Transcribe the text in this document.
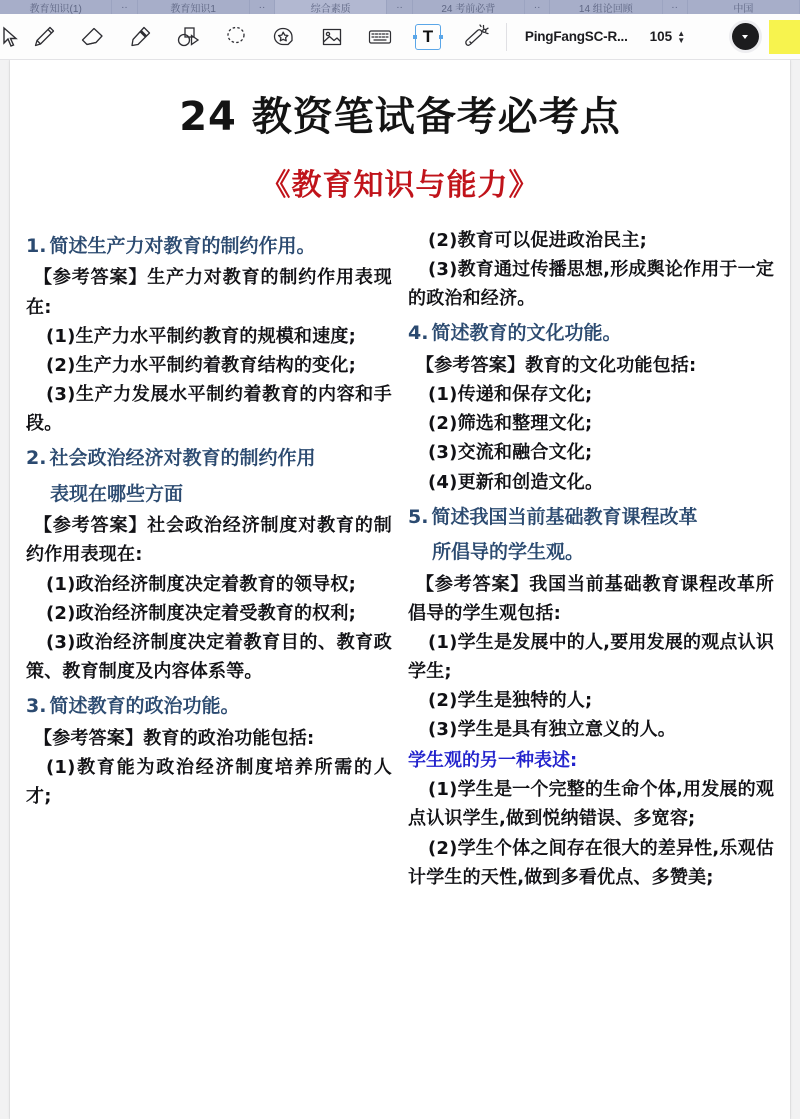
教育知识(1)	··	教育知识1	··	综合素质	··	24 考前必背	··	14 组论回顾	··	中国
T	PingFangSC-R... 105 ▲
▼
24 教资笔试备考必考点
《教育知识与能力》
1. 简述生产力对教育的制约作用。
【参考答案】生产力对教育的制约作用表现在:
(1)生产力水平制约教育的规模和速度;
(2)生产力水平制约着教育结构的变化;
(3)生产力发展水平制约着教育的内容和手段。
2. 社会政治经济对教育的制约作用
表现在哪些方面
【参考答案】社会政治经济制度对教育的制约作用表现在:
(1)政治经济制度决定着教育的领导权;
(2)政治经济制度决定着受教育的权利;
(3)政治经济制度决定着教育目的、教育政策、教育制度及内容体系等。
3. 简述教育的政治功能。
【参考答案】教育的政治功能包括:
(1)教育能为政治经济制度培养所需的人才;
(2)教育可以促进政治民主;
(3)教育通过传播思想,形成舆论作用于一定的政治和经济。
4. 简述教育的文化功能。
【参考答案】教育的文化功能包括:
(1)传递和保存文化;
(2)筛选和整理文化;
(3)交流和融合文化;
(4)更新和创造文化。
5. 简述我国当前基础教育课程改革
所倡导的学生观。
【参考答案】我国当前基础教育课程改革所倡导的学生观包括:
(1)学生是发展中的人,要用发展的观点认识学生;
(2)学生是独特的人;
(3)学生是具有独立意义的人。
学生观的另一种表述:
(1)学生是一个完整的生命个体,用发展的观点认识学生,做到悦纳错误、多宽容;
(2)学生个体之间存在很大的差异性,乐观估计学生的天性,做到多看优点、多赞美;
